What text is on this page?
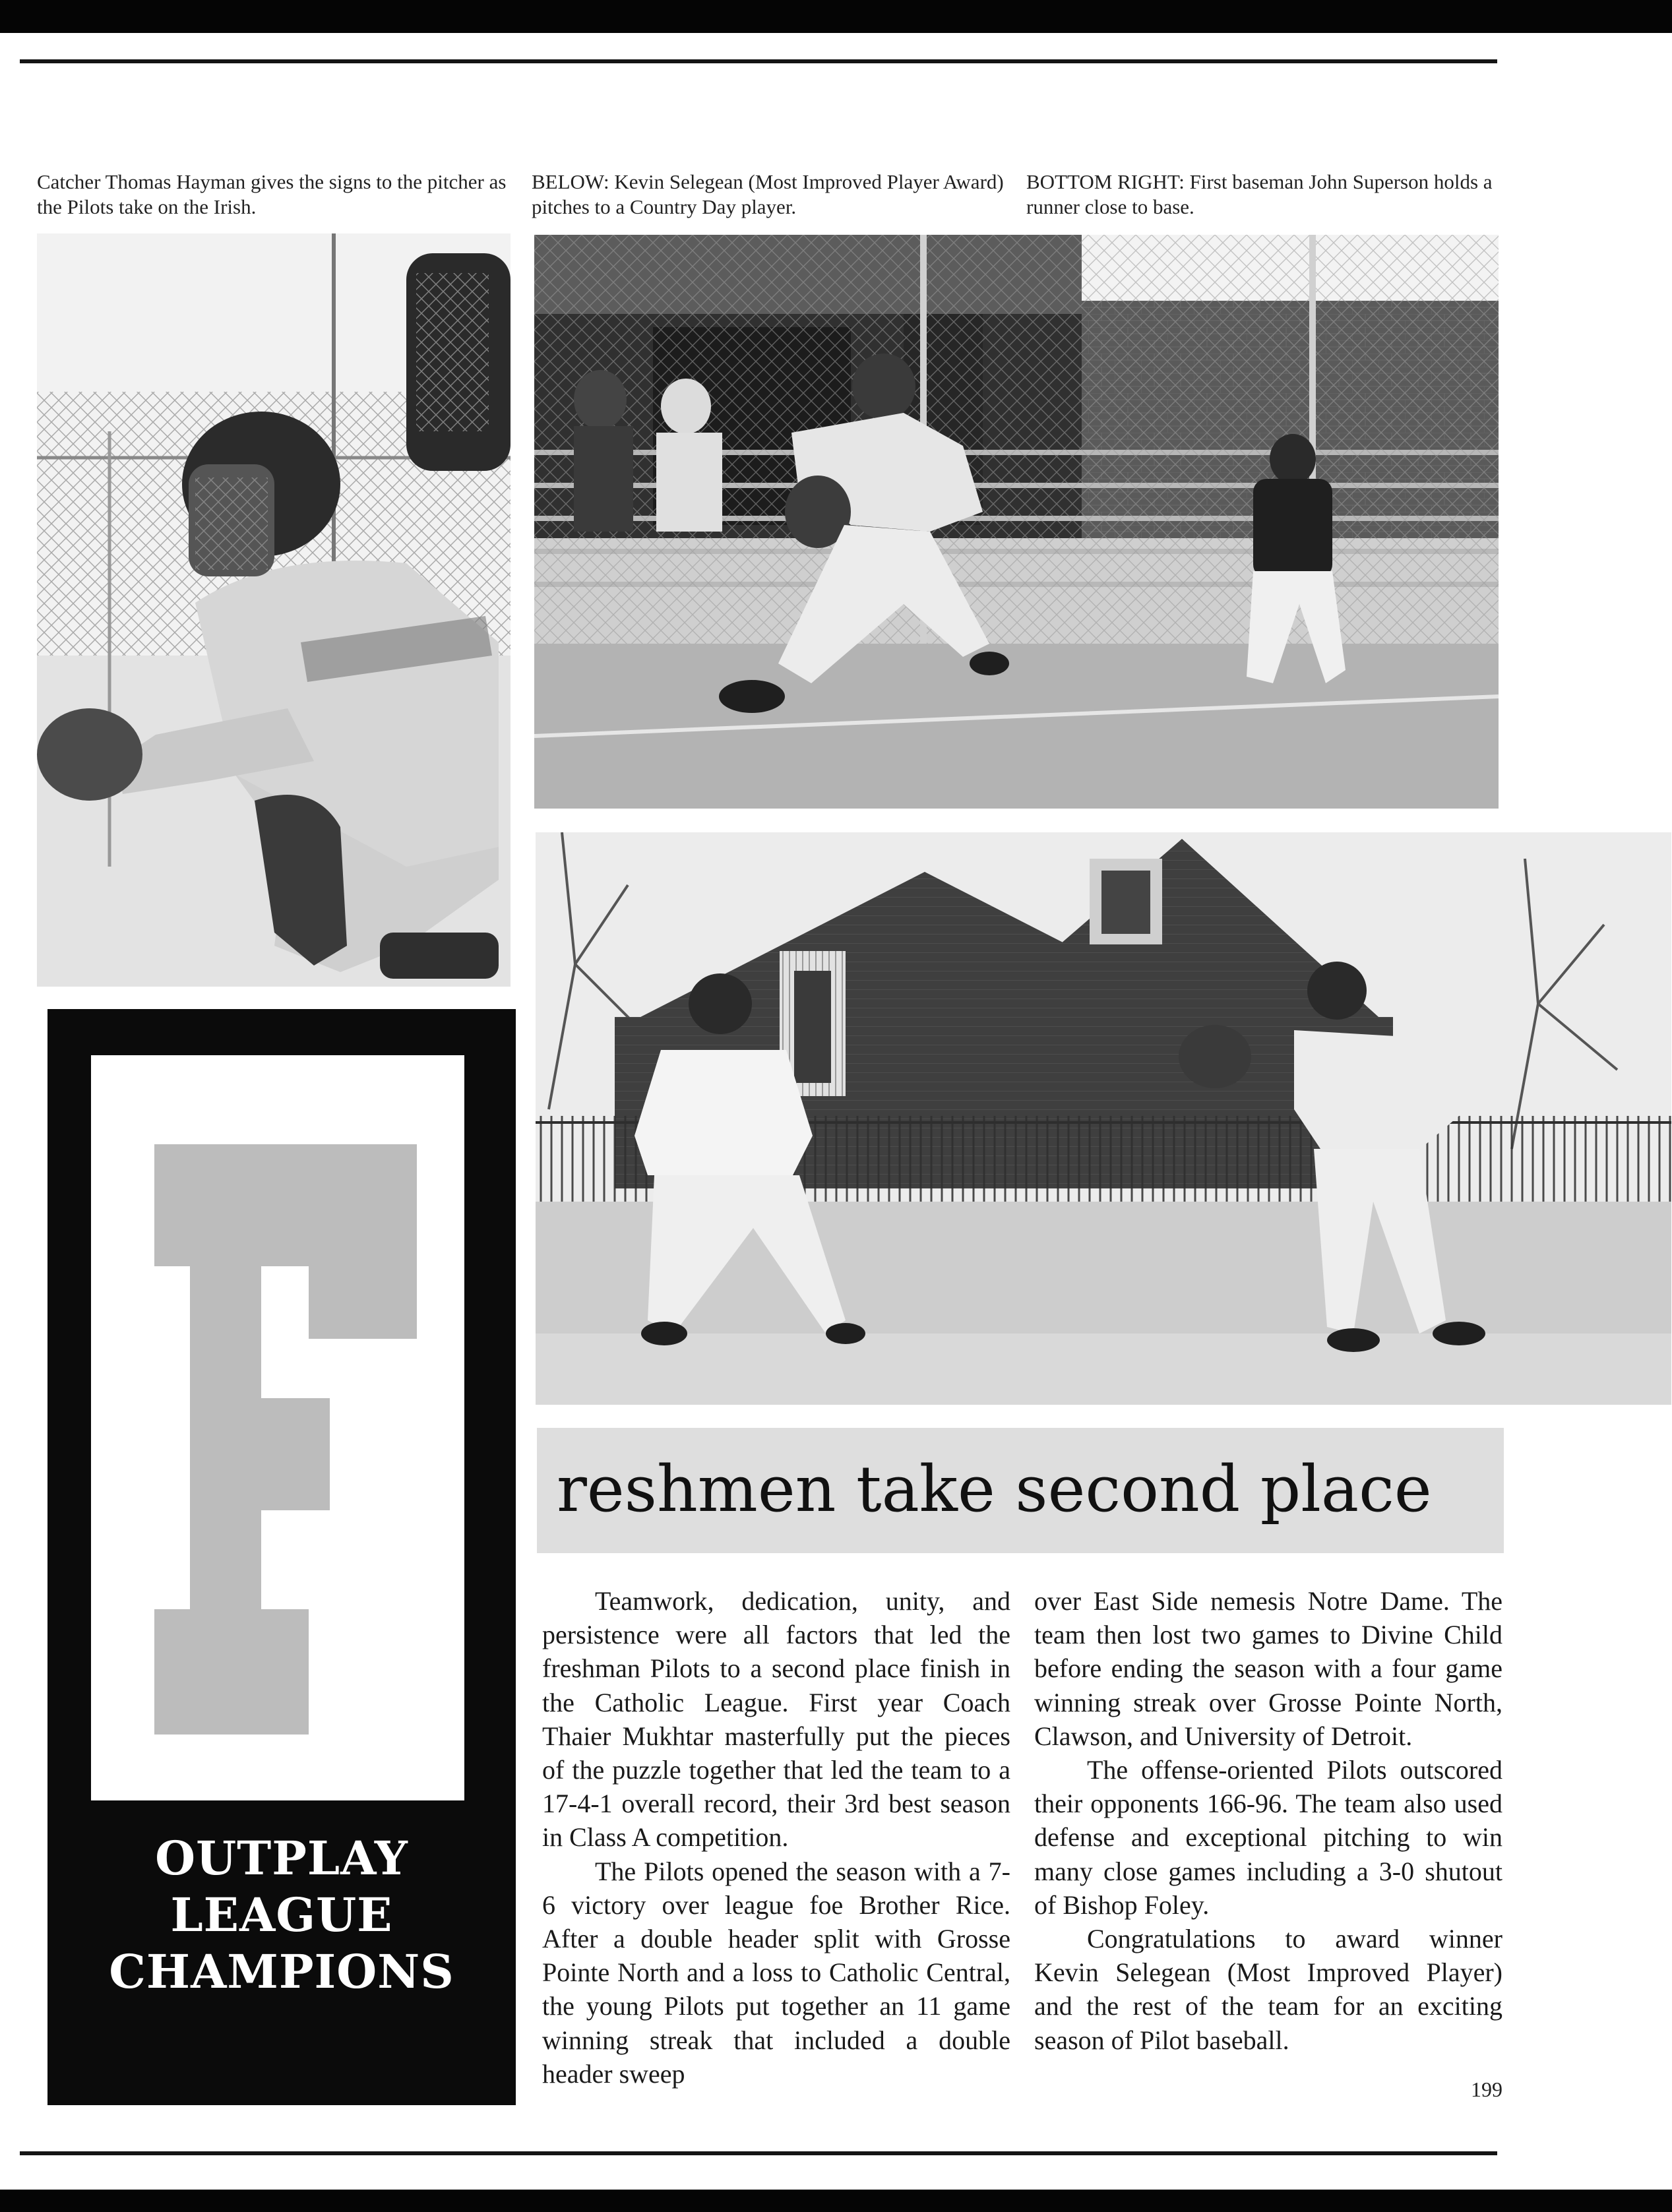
Catcher Thomas Hayman gives the signs to the pitcher as the Pilots take on the Irish.
BELOW: Kevin Selegean (Most Improved Player Award) pitches to a Country Day player.
BOTTOM RIGHT: First baseman John Superson holds a runner close to base.
OUTPLAY
LEAGUE
CHAMPIONS
reshmen take second place

Teamwork, dedication, unity, and persistence were all factors that led the freshman Pilots to a second place finish in the Catholic League. First year Coach Thaier Mukhtar masterfully put the pieces of the puzzle together that led the team to a 17-4-1 overall record, their 3rd best season in Class A competition.

The Pilots opened the season with a 7-6 victory over league foe Brother Rice. After a double header split with Grosse Pointe North and a loss to Catholic Central, the young Pilots put together an 11 game winning streak that included a double header sweep

over East Side nemesis Notre Dame. The team then lost two games to Divine Child before ending the season with a four game winning streak over Grosse Pointe North, Clawson, and University of Detroit.

The offense-oriented Pilots outscored their opponents 166-96. The team also used defense and exceptional pitching to win many close games including a 3-0 shutout of Bishop Foley.

Congratulations to award winner Kevin Selegean (Most Improved Player) and the rest of the team for an exciting season of Pilot baseball.

199
